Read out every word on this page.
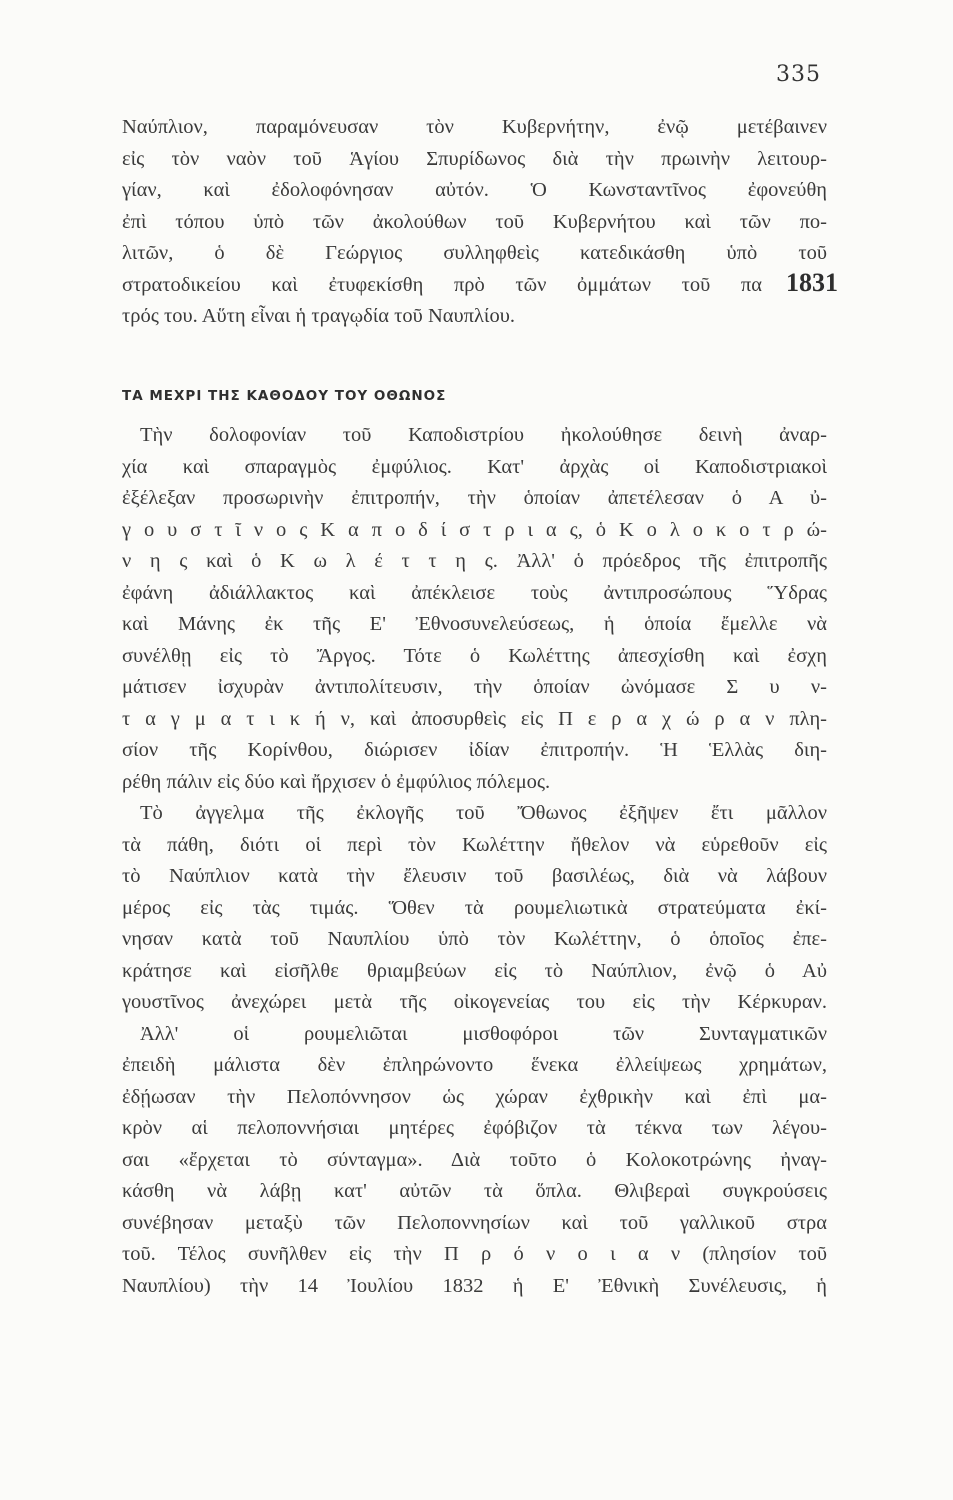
335
1831
Ναύπλιον, παραμόνευσαν τὸν Κυβερνήτην, ἐνῷ μετέβαινεν
εἰς τὸν ναὸν τοῦ Ἁγίου Σπυρίδωνος διὰ τὴν πρωινὴν λειτουρ-
γίαν, καὶ ἐδολοφόνησαν αὐτόν. Ὁ Κωνσταντῖνος ἐφονεύθη
ἐπὶ τόπου ὑπὸ τῶν ἀκολούθων τοῦ Κυβερνήτου καὶ τῶν πο-
λιτῶν, ὁ δὲ Γεώργιος συλληφθεὶς κατεδικάσθη ὑπὸ τοῦ
στρατοδικείου καὶ ἐτυφεκίσθη πρὸ τῶν ὀμμάτων τοῦ πα
τρός του. Αὕτη εἶναι ἡ τραγῳδία τοῦ Ναυπλίου.
ΤΑ ΜΕΧΡΙ ΤΗΣ ΚΑΘΟΔΟΥ ΤΟΥ ΟΘΩΝΟΣ
Τὴν δολοφονίαν τοῦ Καποδιστρίου ἠκολούθησε δεινὴ ἀναρ-
χία καὶ σπαραγμὸς ἐμφύλιος. Κατ' ἀρχὰς οἱ Καποδιστριακοὶ
ἐξέλεξαν προσωρινὴν ἐπιτροπήν, τὴν ὁποίαν ἀπετέλεσαν ὁ Α ὐ-
γ ο υ σ τ ῖ ν ο ς Κ α π ο δ ί σ τ ρ ι α ς, ὁ Κ ο λ ο κ ο τ ρ ώ-
ν η ς καὶ ὁ Κ ω λ έ τ τ η ς. Ἀλλ' ὁ πρόεδρος τῆς ἐπιτροπῆς
ἐφάνη ἀδιάλλακτος καὶ ἀπέκλεισε τοὺς ἀντιπροσώπους Ὕδρας
καὶ Μάνης ἐκ τῆς Ε' Ἐθνοσυνελεύσεως, ἡ ὁποία ἔμελλε νὰ
συνέλθῃ εἰς τὸ Ἄργος. Τότε ὁ Κωλέττης ἀπεσχίσθη καὶ ἐσχη
μάτισεν ἰσχυρὰν ἀντιπολίτευσιν, τὴν ὁποίαν ὠνόμασε Σ υ ν-
τ α γ μ α τ ι κ ή ν, καὶ ἀποσυρθεὶς εἰς Π ε ρ α χ ώ ρ α ν πλη-
σίον τῆς Κορίνθου, διώρισεν ἰδίαν ἐπιτροπήν. Ἡ Ἑλλὰς διη-
ρέθη πάλιν εἰς δύο καὶ ἤρχισεν ὁ ἐμφύλιος πόλεμος.
Τὸ ἀγγελμα τῆς ἐκλογῆς τοῦ Ὄθωνος ἐξῆψεν ἔτι μᾶλλον
τὰ πάθη, διότι οἱ περὶ τὸν Κωλέττην ἤθελον νὰ εὑρεθοῦν εἰς
τὸ Ναύπλιον κατὰ τὴν ἔλευσιν τοῦ βασιλέως, διὰ νὰ λάβουν
μέρος εἰς τὰς τιμάς. Ὅθεν τὰ ρουμελιωτικὰ στρατεύματα ἐκί-
νησαν κατὰ τοῦ Ναυπλίου ὑπὸ τὸν Κωλέττην, ὁ ὁποῖος ἐπε-
κράτησε καὶ εἰσῆλθε θριαμβεύων εἰς τὸ Ναύπλιον, ἐνῷ ὁ Αὐ
γουστῖνος ἀνεχώρει μετὰ τῆς οἰκογενείας του εἰς τὴν Κέρκυραν.
Ἀλλ' οἱ ρουμελιῶται μισθοφόροι τῶν Συνταγματικῶν
ἐπειδὴ μάλιστα δὲν ἐπληρώνοντο ἕνεκα ἐλλείψεως χρημάτων,
ἐδῄωσαν τὴν Πελοπόννησον ὡς χώραν ἐχθρικὴν καὶ ἐπὶ μα-
κρὸν αἱ πελοποννήσιαι μητέρες ἐφόβιζον τὰ τέκνα των λέγου-
σαι «ἔρχεται τὸ σύνταγμα». Διὰ τοῦτο ὁ Κολοκοτρώνης ἠναγ-
κάσθη νὰ λάβῃ κατ' αὐτῶν τὰ ὅπλα. Θλιβεραὶ συγκρούσεις
συνέβησαν μεταξὺ τῶν Πελοποννησίων καὶ τοῦ γαλλικοῦ στρα
τοῦ. Τέλος συνῆλθεν εἰς τὴν Π ρ ό ν ο ι α ν (πλησίον τοῦ
Ναυπλίου) τὴν 14 Ἰουλίου 1832 ἡ Ε' Ἐθνικὴ Συνέλευσις, ἡ
